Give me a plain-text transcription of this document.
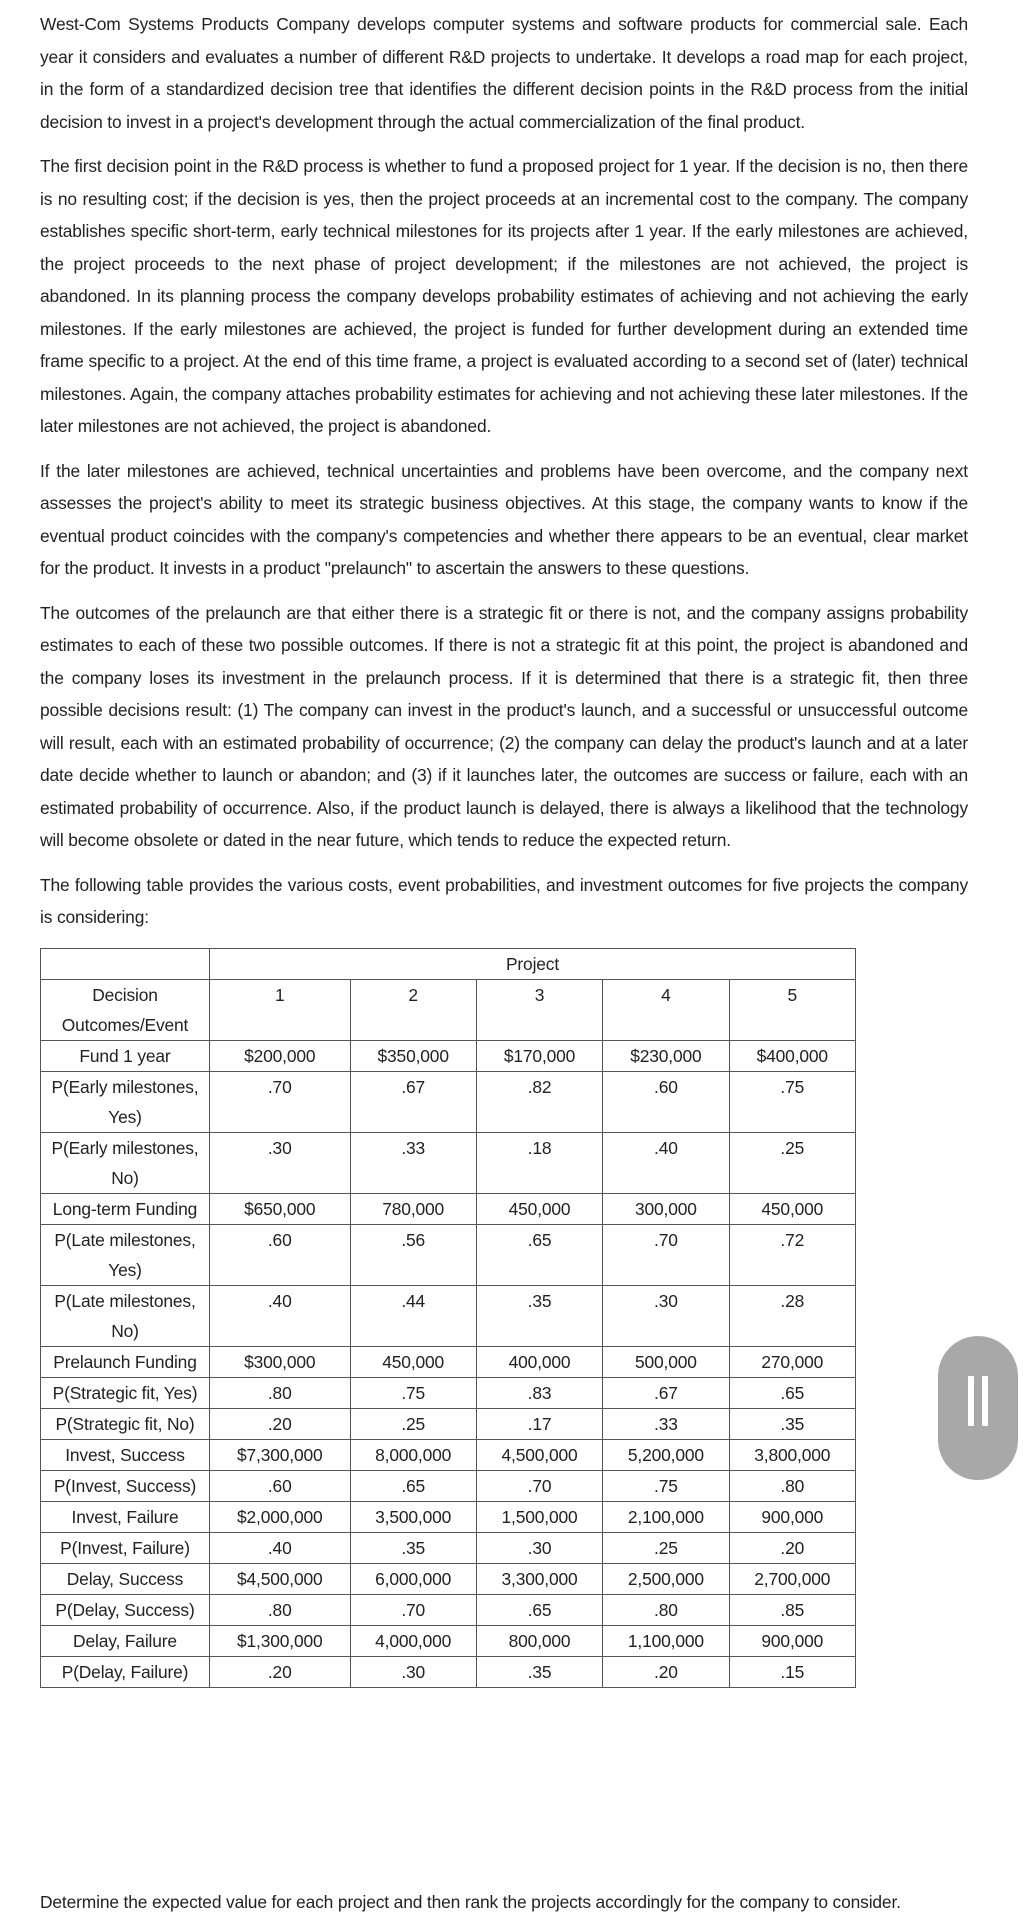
West-Com Systems Products Company develops computer systems and software products for commercial sale. Each year it considers and evaluates a number of different R&D projects to undertake. It develops a road map for each project, in the form of a standardized decision tree that identifies the different decision points in the R&D process from the initial decision to invest in a project's development through the actual commercialization of the final product.

The first decision point in the R&D process is whether to fund a proposed project for 1 year. If the decision is no, then there is no resulting cost; if the decision is yes, then the project proceeds at an incremental cost to the company. The company establishes specific short-term, early technical milestones for its projects after 1 year. If the early milestones are achieved, the project proceeds to the next phase of project development; if the milestones are not achieved, the project is abandoned. In its planning process the company develops probability estimates of achieving and not achieving the early milestones. If the early milestones are achieved, the project is funded for further development during an extended time frame specific to a project. At the end of this time frame, a project is evaluated according to a second set of (later) technical milestones. Again, the company attaches probability estimates for achieving and not achieving these later milestones. If the later milestones are not achieved, the project is abandoned.

If the later milestones are achieved, technical uncertainties and problems have been overcome, and the company next assesses the project's ability to meet its strategic business objectives. At this stage, the company wants to know if the eventual product coincides with the company's competencies and whether there appears to be an eventual, clear market for the product. It invests in a product "prelaunch" to ascertain the answers to these questions.

The outcomes of the prelaunch are that either there is a strategic fit or there is not, and the company assigns probability estimates to each of these two possible outcomes. If there is not a strategic fit at this point, the project is abandoned and the company loses its investment in the prelaunch process. If it is determined that there is a strategic fit, then three possible decisions result: (1) The company can invest in the product's launch, and a successful or unsuccessful outcome will result, each with an estimated probability of occurrence; (2) the company can delay the product's launch and at a later date decide whether to launch or abandon; and (3) if it launches later, the outcomes are success or failure, each with an estimated probability of occurrence. Also, if the product launch is delayed, there is always a likelihood that the technology will become obsolete or dated in the near future, which tends to reduce the expected return.

The following table provides the various costs, event probabilities, and investment outcomes for five projects the company is considering:

	Project				
Decision Outcomes/Event	1	2	3	4	5
Fund 1 year	$200,000	$350,000	$170,000	$230,000	$400,000
P(Early milestones, Yes)	.70	.67	.82	.60	.75
P(Early milestones, No)	.30	.33	.18	.40	.25
Long-term Funding	$650,000	780,000	450,000	300,000	450,000
P(Late milestones, Yes)	.60	.56	.65	.70	.72
P(Late milestones, No)	.40	.44	.35	.30	.28
Prelaunch Funding	$300,000	450,000	400,000	500,000	270,000
P(Strategic fit, Yes)	.80	.75	.83	.67	.65
P(Strategic fit, No)	.20	.25	.17	.33	.35
Invest, Success	$7,300,000	8,000,000	4,500,000	5,200,000	3,800,000
P(Invest, Success)	.60	.65	.70	.75	.80
Invest, Failure	$2,000,000	3,500,000	1,500,000	2,100,000	900,000
P(Invest, Failure)	.40	.35	.30	.25	.20
Delay, Success	$4,500,000	6,000,000	3,300,000	2,500,000	2,700,000
P(Delay, Success)	.80	.70	.65	.80	.85
Delay, Failure	$1,300,000	4,000,000	800,000	1,100,000	900,000
P(Delay, Failure)	.20	.30	.35	.20	.15
Determine the expected value for each project and then rank the projects accordingly for the company to consider.
